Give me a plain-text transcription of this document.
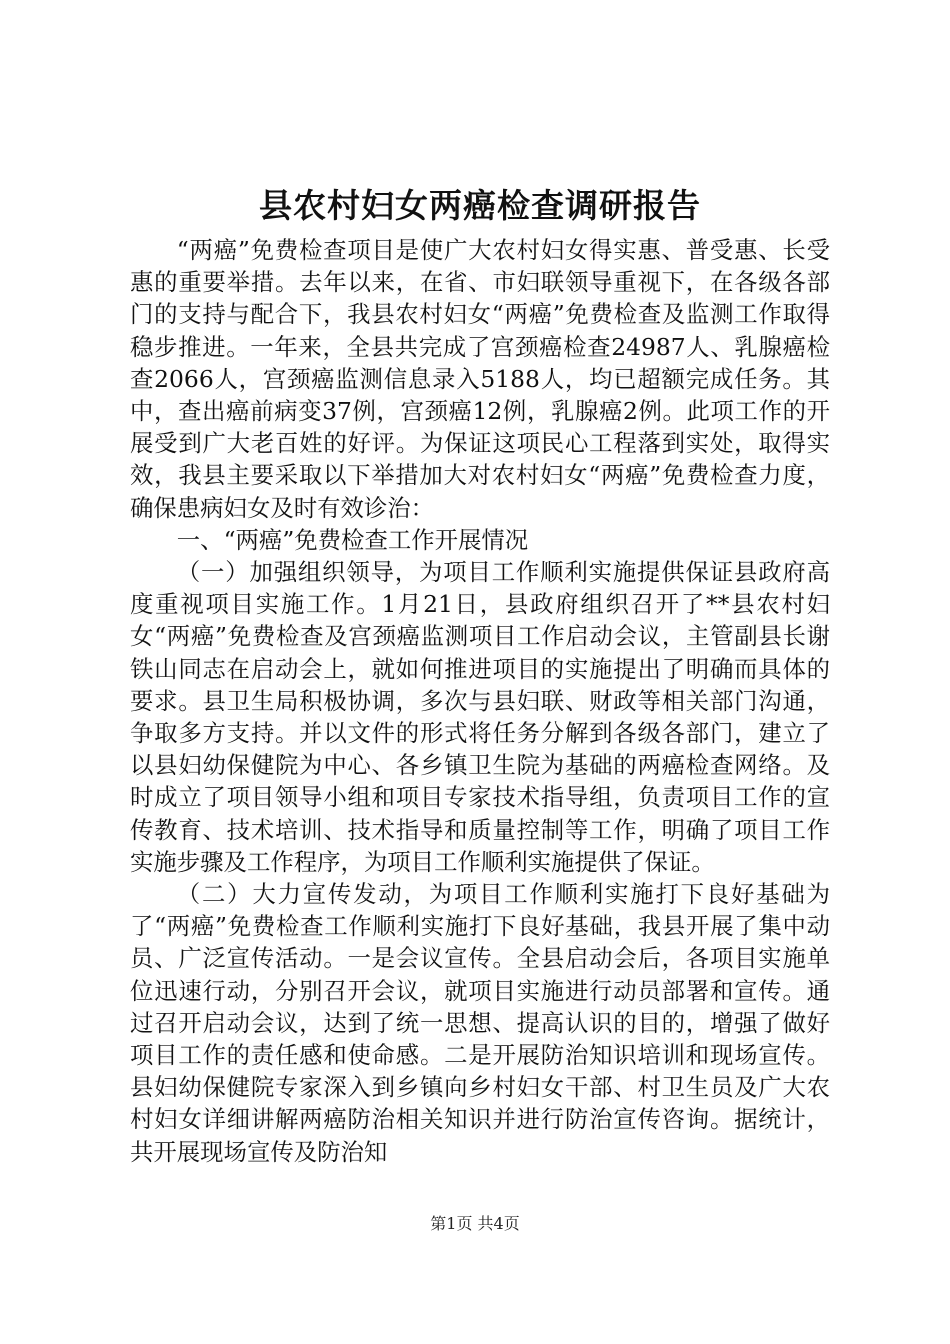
县农村妇女两癌检查调研报告

“两癌”免费检查项目是使广大农村妇女得实惠、普受惠、长受惠的重要举措。去年以来，在省、市妇联领导重视下，在各级各部门的支持与配合下，我县农村妇女“两癌”免费检查及监测工作取得稳步推进。一年来，全县共完成了宫颈癌检查24987人、乳腺癌检查2066人，宫颈癌监测信息录入5188人，均已超额完成任务。其中，查出癌前病变37例，宫颈癌12例，乳腺癌2例。此项工作的开展受到广大老百姓的好评。为保证这项民心工程落到实处，取得实效，我县主要采取以下举措加大对农村妇女“两癌”免费检查力度，确保患病妇女及时有效诊治：

一、“两癌”免费检查工作开展情况

（一）加强组织领导，为项目工作顺利实施提供保证县政府高度重视项目实施工作。1月21日，县政府组织召开了**县农村妇女“两癌”免费检查及宫颈癌监测项目工作启动会议，主管副县长谢铁山同志在启动会上，就如何推进项目的实施提出了明确而具体的要求。县卫生局积极协调，多次与县妇联、财政等相关部门沟通，争取多方支持。并以文件的形式将任务分解到各级各部门，建立了以县妇幼保健院为中心、各乡镇卫生院为基础的两癌检查网络。及时成立了项目领导小组和项目专家技术指导组，负责项目工作的宣传教育、技术培训、技术指导和质量控制等工作，明确了项目工作实施步骤及工作程序，为项目工作顺利实施提供了保证。

（二）大力宣传发动，为项目工作顺利实施打下良好基础为了“两癌”免费检查工作顺利实施打下良好基础，我县开展了集中动员、广泛宣传活动。一是会议宣传。全县启动会后，各项目实施单位迅速行动，分别召开会议，就项目实施进行动员部署和宣传。通过召开启动会议，达到了统一思想、提高认识的目的，增强了做好项目工作的责任感和使命感。二是开展防治知识培训和现场宣传。县妇幼保健院专家深入到乡镇向乡村妇女干部、村卫生员及广大农村妇女详细讲解两癌防治相关知识并进行防治宣传咨询。据统计，共开展现场宣传及防治知

第1页 共4页
